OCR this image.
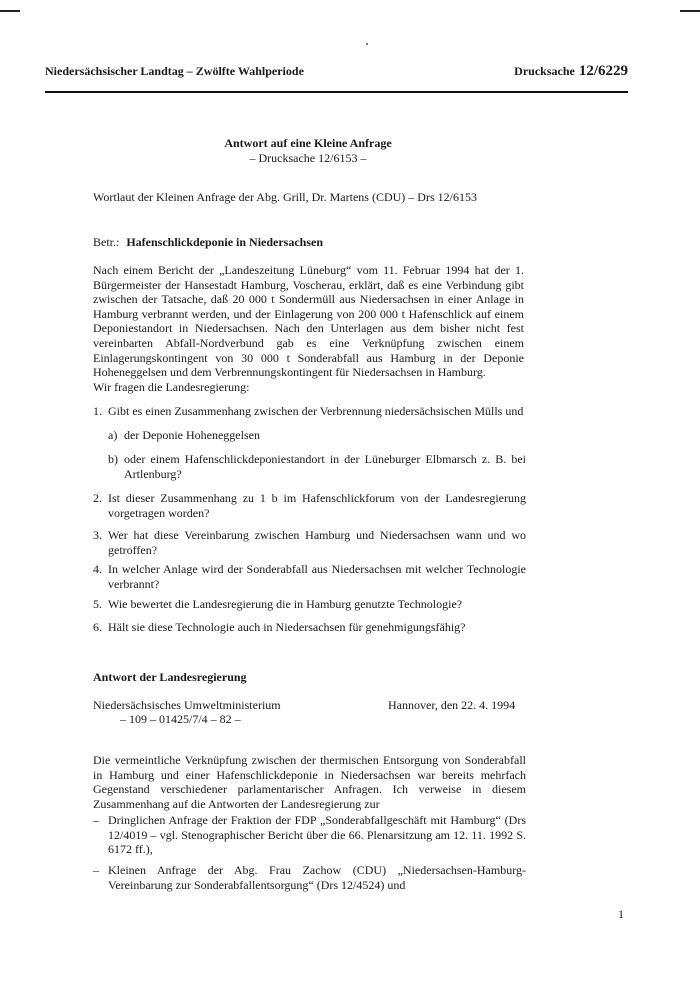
Niedersächsischer Landtag – Zwölfte Wahlperiode	Drucksache 12/6229
Antwort auf eine Kleine Anfrage
– Drucksache 12/6153 –
Wortlaut der Kleinen Anfrage der Abg. Grill, Dr. Martens (CDU) – Drs 12/6153
Betr.: Hafenschlickdeponie in Niedersachsen
Nach einem Bericht der „Landeszeitung Lüneburg“ vom 11. Februar 1994 hat der 1. Bürgermeister der Hansestadt Hamburg, Voscherau, erklärt, daß es eine Verbindung gibt zwischen der Tatsache, daß 20 000 t Sondermüll aus Niedersachsen in einer Anlage in Hamburg verbrannt werden, und der Einlagerung von 200 000 t Hafenschlick auf einem Deponiestandort in Niedersachsen. Nach den Unterlagen aus dem bisher nicht fest vereinbarten Abfall-Nordverbund gab es eine Verknüpfung zwischen einem Einlagerungskontingent von 30 000 t Sonderabfall aus Hamburg in der Deponie Hoheneggelsen und dem Verbrennungskontingent für Niedersachsen in Hamburg.
Wir fragen die Landesregierung:
1. Gibt es einen Zusammenhang zwischen der Verbrennung niedersächsischen Mülls und
a) der Deponie Hoheneggelsen
b) oder einem Hafenschlickdeponiestandort in der Lüneburger Elbmarsch z. B. bei Artlenburg?
2. Ist dieser Zusammenhang zu 1 b im Hafenschlickforum von der Landesregierung vorgetragen worden?
3. Wer hat diese Vereinbarung zwischen Hamburg und Niedersachsen wann und wo getroffen?
4. In welcher Anlage wird der Sonderabfall aus Niedersachsen mit welcher Technologie verbrannt?
5. Wie bewertet die Landesregierung die in Hamburg genutzte Technologie?
6. Hält sie diese Technologie auch in Niedersachsen für genehmigungsfähig?
Antwort der Landesregierung
Niedersächsisches Umweltministerium
– 109 – 01425/7/4 – 82 –
Hannover, den 22. 4. 1994
Die vermeintliche Verknüpfung zwischen der thermischen Entsorgung von Sonderabfall in Hamburg und einer Hafenschlickdeponie in Niedersachsen war bereits mehrfach Gegenstand verschiedener parlamentarischer Anfragen. Ich verweise in diesem Zusammenhang auf die Antworten der Landesregierung zur
– Dringlichen Anfrage der Fraktion der FDP „Sonderabfallgeschäft mit Hamburg“ (Drs 12/4019 – vgl. Stenographischer Bericht über die 66. Plenarsitzung am 12. 11. 1992 S. 6172 ff.),
– Kleinen Anfrage der Abg. Frau Zachow (CDU) „Niedersachsen-Hamburg-Vereinbarung zur Sonderabfallentsorgung“ (Drs 12/4524) und
1
